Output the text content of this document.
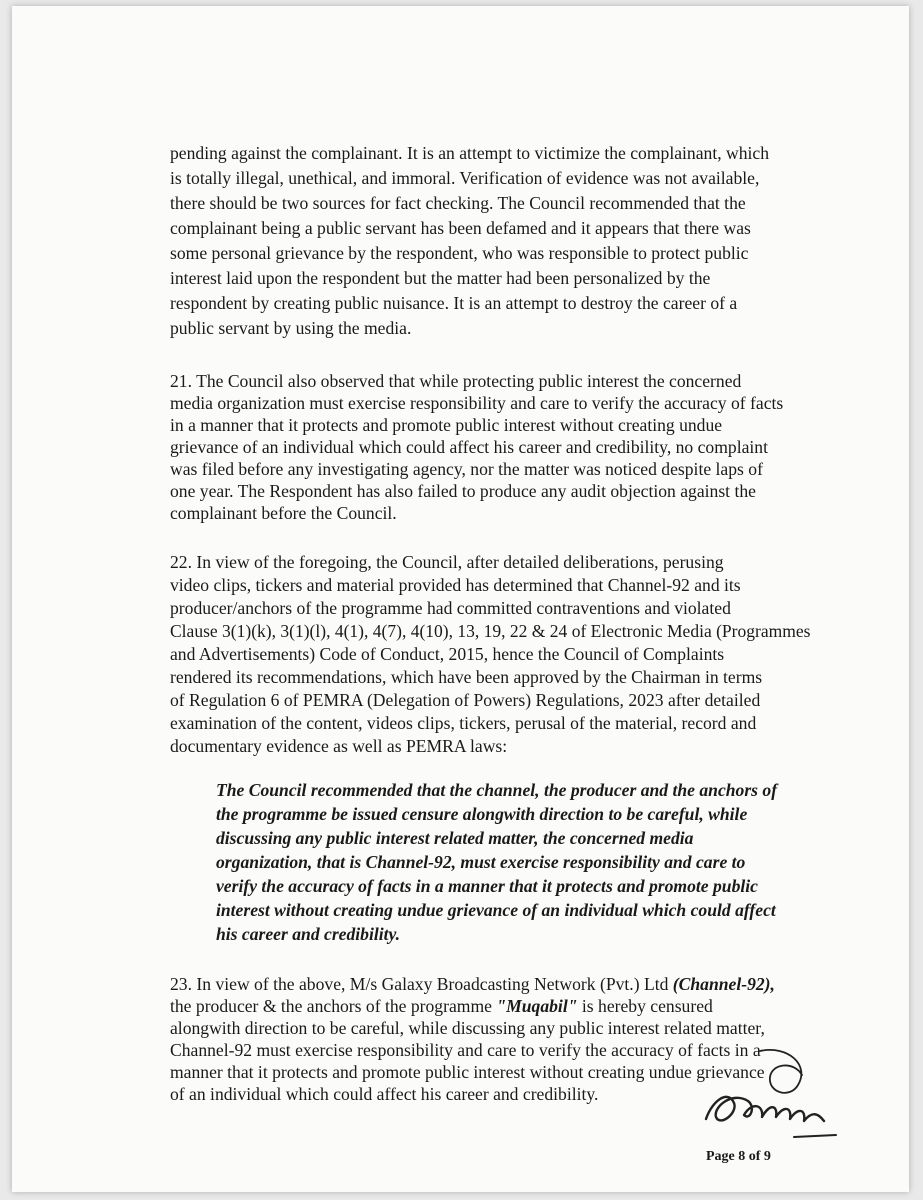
pending against the complainant. It is an attempt to victimize the complainant, which
is totally illegal, unethical, and immoral. Verification of evidence was not available,
there should be two sources for fact checking. The Council recommended that the
complainant being a public servant has been defamed and it appears that there was
some personal grievance by the respondent, who was responsible to protect public
interest laid upon the respondent but the matter had been personalized by the
respondent by creating public nuisance. It is an attempt to destroy the career of a
public servant by using the media.
21. The Council also observed that while protecting public interest the concerned
media organization must exercise responsibility and care to verify the accuracy of facts
in a manner that it protects and promote public interest without creating undue
grievance of an individual which could affect his career and credibility, no complaint
was filed before any investigating agency, nor the matter was noticed despite laps of
one year. The Respondent has also failed to produce any audit objection against the
complainant before the Council.
22. In view of the foregoing, the Council, after detailed deliberations, perusing
video clips, tickers and material provided has determined that Channel-92 and its
producer/anchors of the programme had committed contraventions and violated
Clause 3(1)(k), 3(1)(l), 4(1), 4(7), 4(10), 13, 19, 22 & 24 of Electronic Media (Programmes
and Advertisements) Code of Conduct, 2015, hence the Council of Complaints
rendered its recommendations, which have been approved by the Chairman in terms
of Regulation 6 of PEMRA (Delegation of Powers) Regulations, 2023 after detailed
examination of the content, videos clips, tickers, perusal of the material, record and
documentary evidence as well as PEMRA laws:
The Council recommended that the channel, the producer and the anchors of
the programme be issued censure alongwith direction to be careful, while
discussing any public interest related matter, the concerned media
organization, that is Channel-92, must exercise responsibility and care to
verify the accuracy of facts in a manner that it protects and promote public
interest without creating undue grievance of an individual which could affect
his career and credibility.
23. In view of the above, M/s Galaxy Broadcasting Network (Pvt.) Ltd (Channel-92),
the producer & the anchors of the programme "Muqabil" is hereby censured
alongwith direction to be careful, while discussing any public interest related matter,
Channel-92 must exercise responsibility and care to verify the accuracy of facts in a
manner that it protects and promote public interest without creating undue grievance
of an individual which could affect his career and credibility.
Page 8 of 9
